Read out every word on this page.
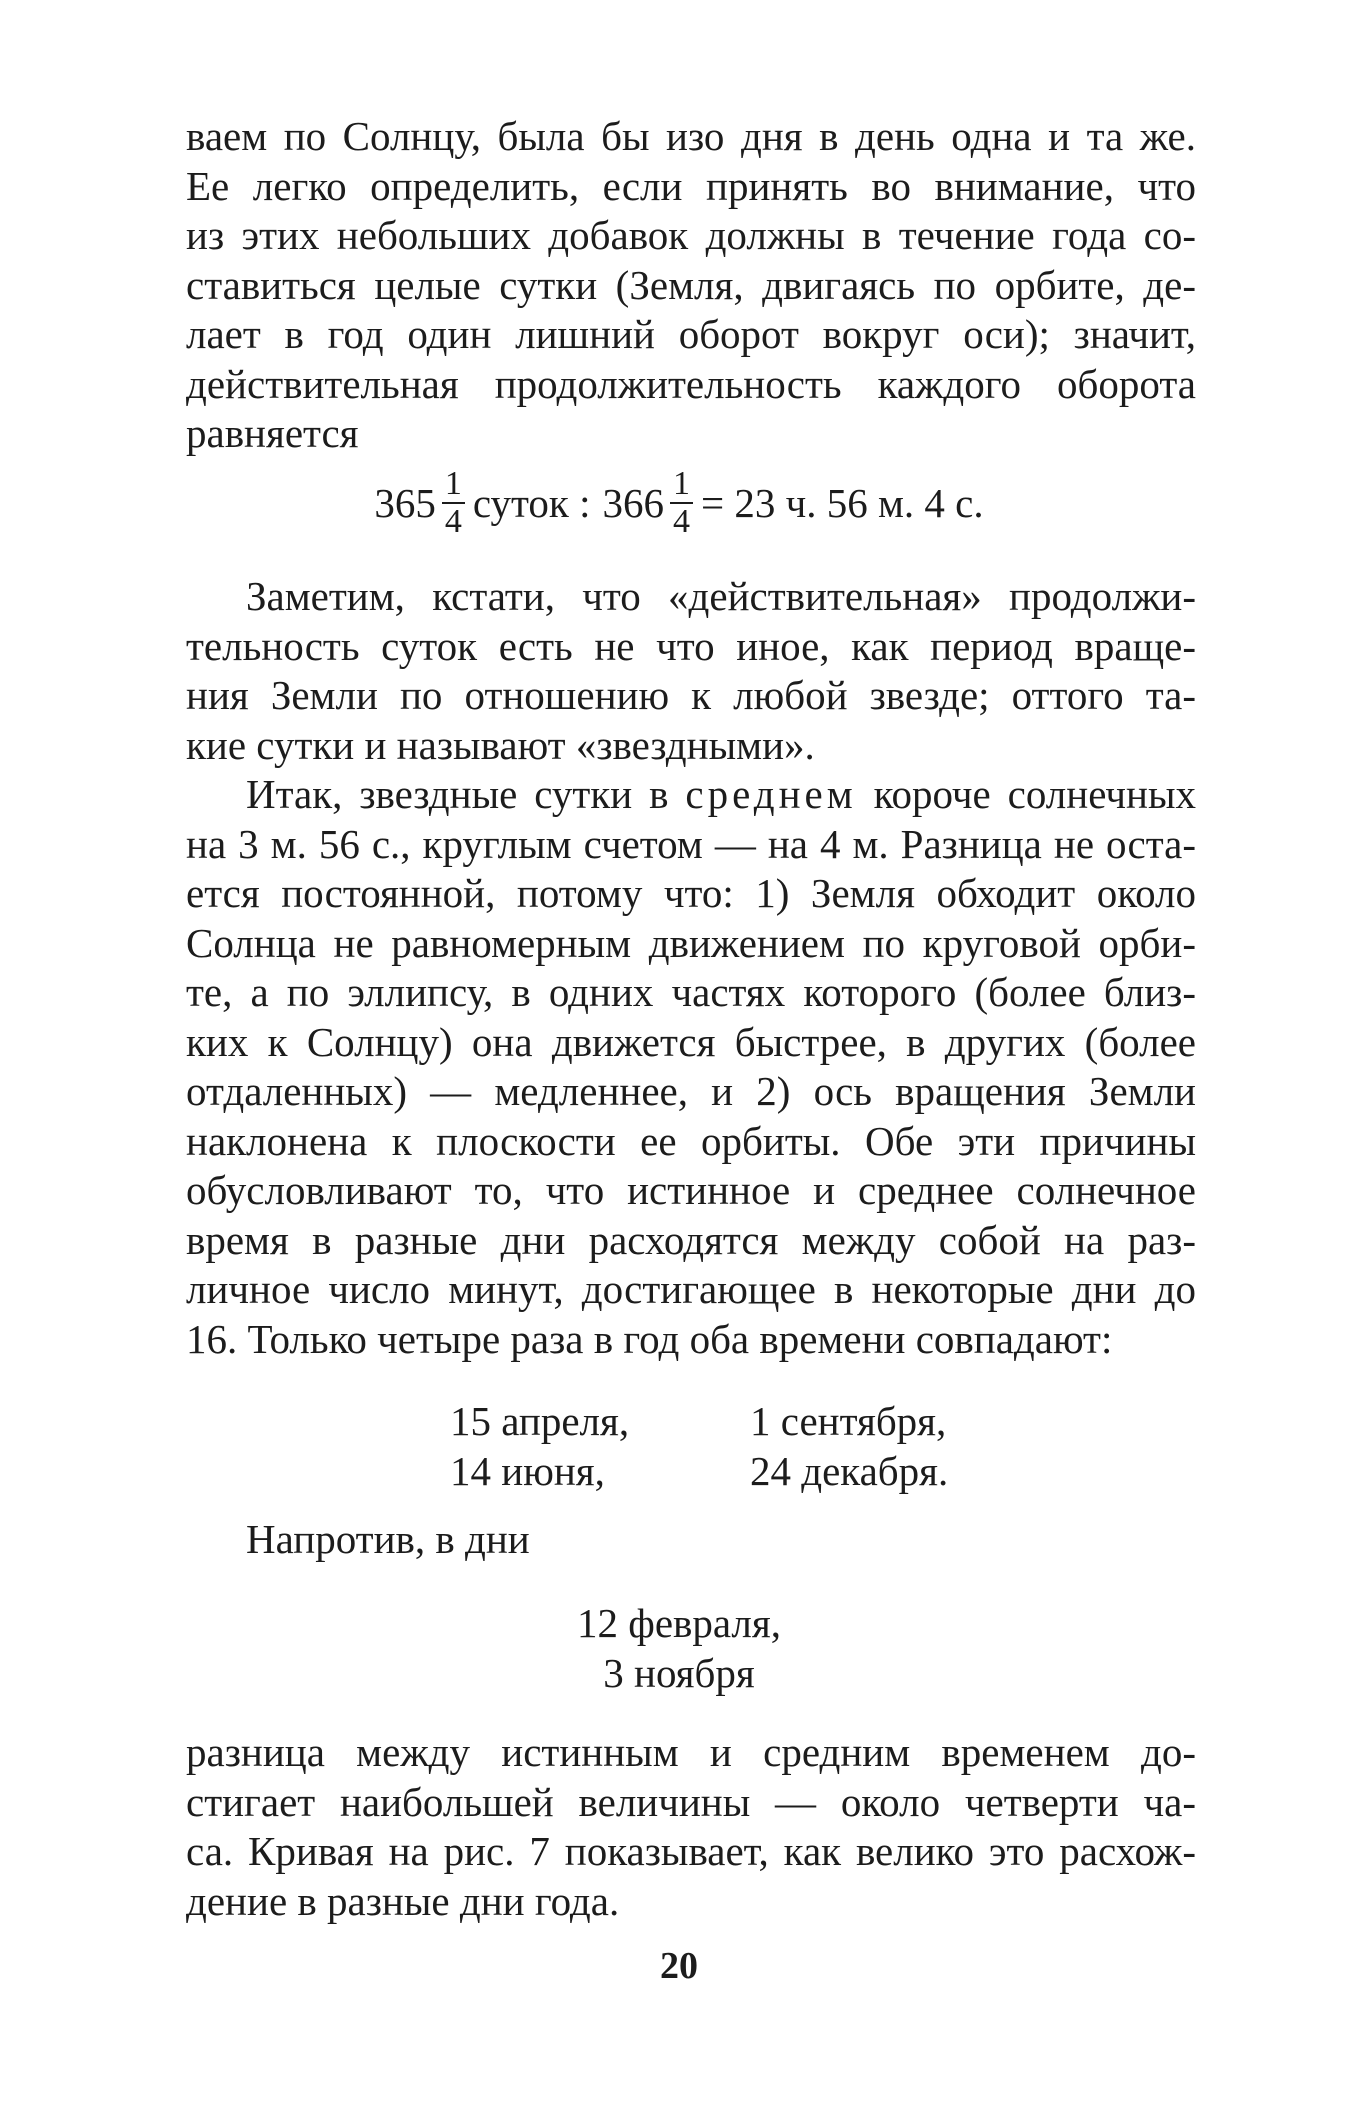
ваем по Солнцу, была бы изо дня в день одна и та же.
Ее легко определить, если принять во внимание, что
из этих небольших добавок должны в течение года со-
ставиться целые сутки (Земля, двигаясь по орбите, де-
лает в год один лишний оборот вокруг оси); значит,
действительная продолжительность каждого оборота
равняется
$365 \frac{1}{4}$ суток : $366 \frac{1}{4} = 23$ ч. 56 м. 4 с.
Заметим, кстати, что «действительная» продолжи-
тельность суток есть не что иное, как период враще-
ния Земли по отношению к любой звезде; оттого та-
кие сутки и называют «звездными».
Итак, звездные сутки в среднем короче солнечных
на 3 м. 56 с., круглым счетом — на 4 м. Разница не оста-
ется постоянной, потому что: 1) Земля обходит около
Солнца не равномерным движением по круговой орби-
те, а по эллипсу, в одних частях которого (более близ-
ких к Солнцу) она движется быстрее, в других (более
отдаленных) — медленнее, и 2) ось вращения Земли
наклонена к плоскости ее орбиты. Обе эти причины
обусловливают то, что истинное и среднее солнечное
время в разные дни расходятся между собой на раз-
личное число минут, достигающее в некоторые дни до
16. Только четыре раза в год оба времени совпадают:
15 апреля,	1 сентября,
14 июня,	24 декабря.
Напротив, в дни
12 февраля,
3 ноября
разница между истинным и средним временем до-
стигает наибольшей величины — около четверти ча-
са. Кривая на рис. 7 показывает, как велико это расхож-
дение в разные дни года.
20
